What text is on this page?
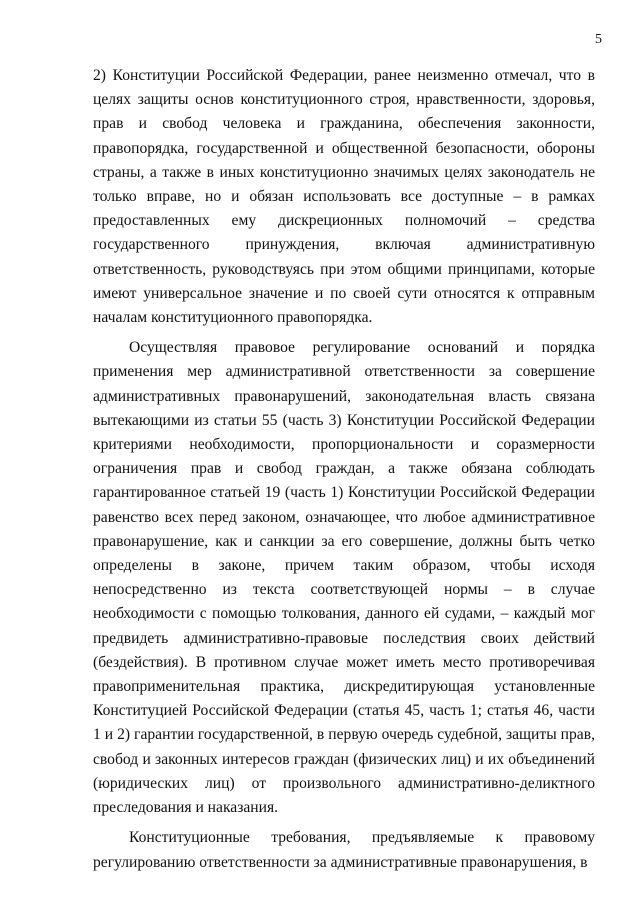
5

2) Конституции Российской Федерации, ранее неизменно отмечал, что в целях защиты основ конституционного строя, нравственности, здоровья, прав и свобод человека и гражданина, обеспечения законности, правопорядка, государственной и общественной безопасности, обороны страны, а также в иных конституционно значимых целях законодатель не только вправе, но и обязан использовать все доступные – в рамках предоставленных ему дискреционных полномочий – средства государственного принуждения, включая административную ответственность, руководствуясь при этом общими принципами, которые имеют универсальное значение и по своей сути относятся к отправным началам конституционного правопорядка.

Осуществляя правовое регулирование оснований и порядка применения мер административной ответственности за совершение административных правонарушений, законодательная власть связана вытекающими из статьи 55 (часть 3) Конституции Российской Федерации критериями необходимости, пропорциональности и соразмерности ограничения прав и свобод граждан, а также обязана соблюдать гарантированное статьей 19 (часть 1) Конституции Российской Федерации равенство всех перед законом, означающее, что любое административное правонарушение, как и санкции за его совершение, должны быть четко определены в законе, причем таким образом, чтобы исходя непосредственно из текста соответствующей нормы – в случае необходимости с помощью толкования, данного ей судами, – каждый мог предвидеть административно-правовые последствия своих действий (бездействия). В противном случае может иметь место противоречивая правоприменительная практика, дискредитирующая установленные Конституцией Российской Федерации (статья 45, часть 1; статья 46, части 1 и 2) гарантии государственной, в первую очередь судебной, защиты прав, свобод и законных интересов граждан (физических лиц) и их объединений (юридических лиц) от произвольного административно-деликтного преследования и наказания.

Конституционные требования, предъявляемые к правовому регулированию ответственности за административные правонарушения, в
